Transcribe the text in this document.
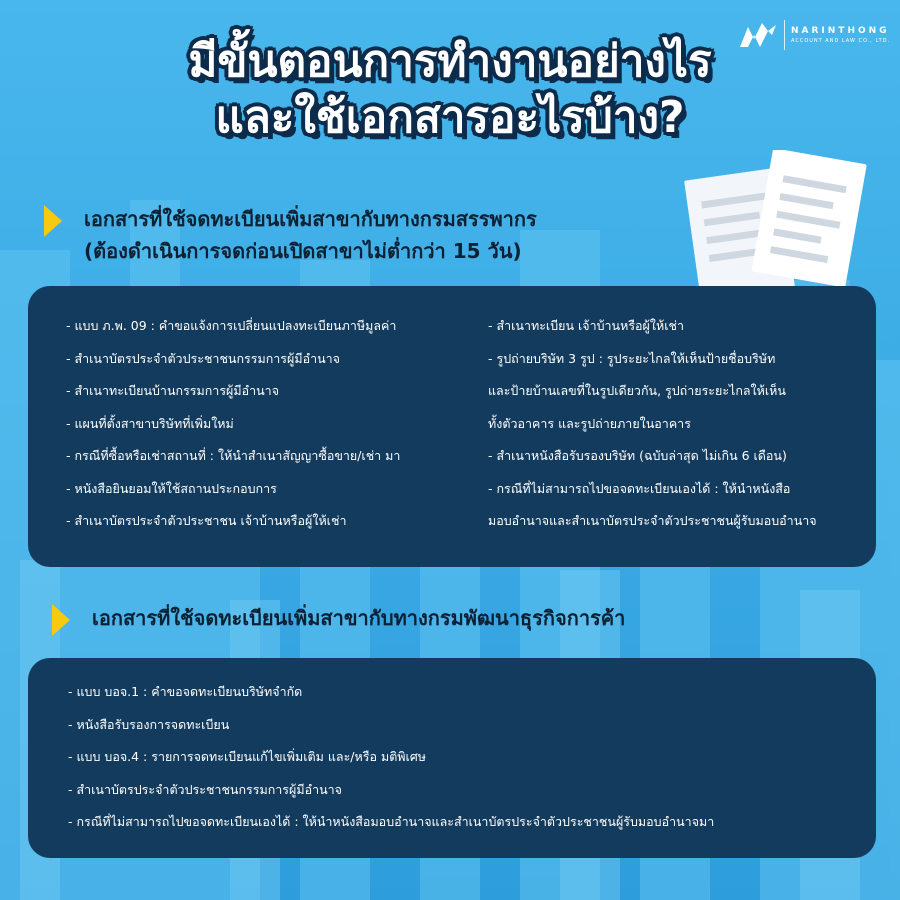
NARINTHONG
ACCOUNT AND LAW CO., LTD.
มีขั้นตอนการทำงานอย่างไร
และใช้เอกสารอะไรบ้าง?
เอกสารที่ใช้จดทะเบียนเพิ่มสาขากับทางกรมสรรพากร
(ต้องดำเนินการจดก่อนเปิดสาขาไม่ต่ำกว่า 15 วัน)
- แบบ ภ.พ. 09 : คำขอแจ้งการเปลี่ยนแปลงทะเบียนภาษีมูลค่า
- สำเนาบัตรประจำตัวประชาชนกรรมการผู้มีอำนาจ
- สำเนาทะเบียนบ้านกรรมการผู้มีอำนาจ
- แผนที่ตั้งสาขาบริษัทที่เพิ่มใหม่
- กรณีที่ซื้อหรือเช่าสถานที่ : ให้นำสำเนาสัญญาซื้อขาย/เช่า มา
- หนังสือยินยอมให้ใช้สถานประกอบการ
- สำเนาบัตรประจำตัวประชาชน เจ้าบ้านหรือผู้ให้เช่า
- สำเนาทะเบียน เจ้าบ้านหรือผู้ให้เช่า
- รูปถ่ายบริษัท 3 รูป : รูประยะไกลให้เห็นป้ายชื่อบริษัท
และป้ายบ้านเลขที่ในรูปเดียวกัน, รูปถ่ายระยะไกลให้เห็น
ทั้งตัวอาคาร และรูปถ่ายภายในอาคาร
- สำเนาหนังสือรับรองบริษัท (ฉบับล่าสุด ไม่เกิน 6 เดือน)
- กรณีที่ไม่สามารถไปขอจดทะเบียนเองได้ : ให้นำหนังสือ
มอบอำนาจและสำเนาบัตรประจำตัวประชาชนผู้รับมอบอำนาจ
เอกสารที่ใช้จดทะเบียนเพิ่มสาขากับทางกรมพัฒนาธุรกิจการค้า
- แบบ บอจ.1 : คำขอจดทะเบียนบริษัทจำกัด
- หนังสือรับรองการจดทะเบียน
- แบบ บอจ.4 : รายการจดทะเบียนแก้ไขเพิ่มเติม และ/หรือ มติพิเศษ
- สำเนาบัตรประจำตัวประชาชนกรรมการผู้มีอำนาจ
- กรณีที่ไม่สามารถไปขอจดทะเบียนเองได้ : ให้นำหนังสือมอบอำนาจและสำเนาบัตรประจำตัวประชาชนผู้รับมอบอำนาจมา
